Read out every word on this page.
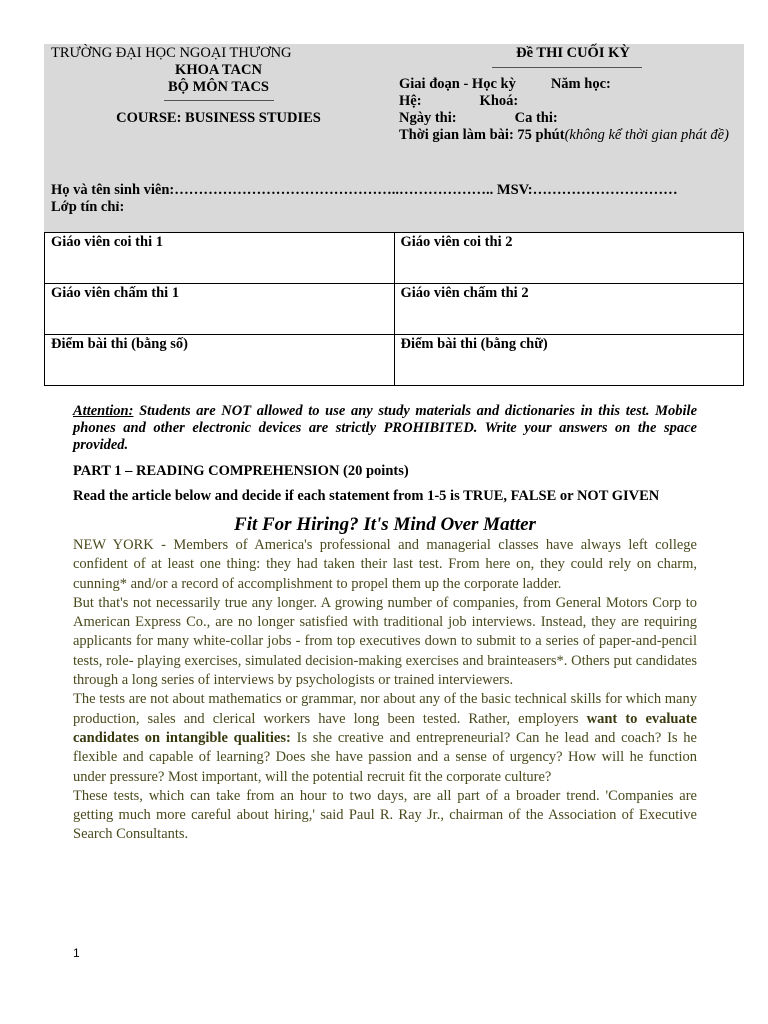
TRƯỜNG ĐẠI HỌC NGOẠI THƯƠNG
KHOA TACN
BỘ MÔN TACS
COURSE: BUSINESS STUDIES
Đề THI CUỐI KỲ
Giai đoạn - Học kỳ Năm học:
Hệ:	Khoá:
Ngày thi:	Ca thi:
Thời gian làm bài: 75 phút(không kể thời gian phát đề)
Họ và tên sinh viên:………………………………………..……………….. MSV:…………………………
Lớp tín chỉ:
Giáo viên coi thi 1	Giáo viên coi thi 2

Giáo viên chấm thi 1	Giáo viên chấm thi 2

Điểm bài thi (bằng số)	Điểm bài thi (bằng chữ)

Attention: Students are NOT allowed to use any study materials and dictionaries in this test. Mobile phones and other electronic devices are strictly PROHIBITED. Write your answers on the space provided.

PART 1 – READING COMPREHENSION (20 points)

Read the article below and decide if each statement from 1-5 is TRUE, FALSE or NOT GIVEN

Fit For Hiring? It's Mind Over Matter

NEW YORK - Members of America's professional and managerial classes have always left college confident of at least one thing: they had taken their last test. From here on, they could rely on charm, cunning* and/or a record of accomplishment to propel them up the corporate ladder.

But that's not necessarily true any longer. A growing number of companies, from General Motors Corp to American Express Co., are no longer satisfied with traditional job interviews. Instead, they are requiring applicants for many white-collar jobs - from top executives down to submit to a series of paper-and-pencil tests, role- playing exercises, simulated decision-making exercises and brainteasers*. Others put candidates through a long series of interviews by psychologists or trained interviewers.

The tests are not about mathematics or grammar, nor about any of the basic technical skills for which many production, sales and clerical workers have long been tested. Rather, employers want to evaluate candidates on intangible qualities: Is she creative and entrepreneurial? Can he lead and coach? Is he flexible and capable of learning? Does she have passion and a sense of urgency? How will he function under pressure? Most important, will the potential recruit fit the corporate culture?

These tests, which can take from an hour to two days, are all part of a broader trend. 'Companies are getting much more careful about hiring,' said Paul R. Ray Jr., chairman of the Association of Executive Search Consultants.

1
